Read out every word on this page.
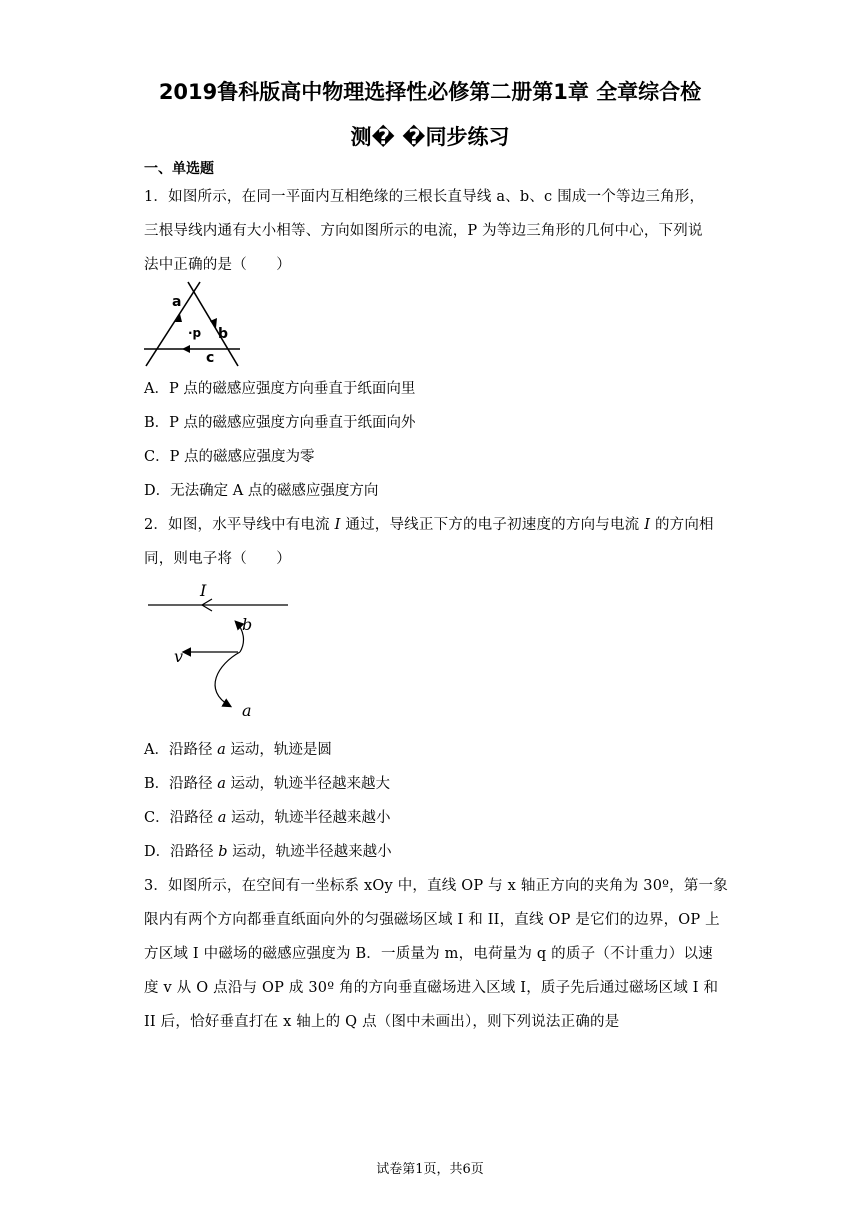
2019鲁科版高中物理选择性必修第二册第1章 全章综合检
测� �同步练习
一、单选题
1．如图所示，在同一平面内互相绝缘的三根长直导线 a、b、c 围成一个等边三角形，
三根导线内通有大小相等、方向如图所示的电流，P 为等边三角形的几何中心，下列说
法中正确的是（　　）
a
·p b
c
A．P 点的磁感应强度方向垂直于纸面向里
B．P 点的磁感应强度方向垂直于纸面向外
C．P 点的磁感应强度为零
D．无法确定 A 点的磁感应强度方向
2．如图，水平导线中有电流 I 通过，导线正下方的电子初速度的方向与电流 I 的方向相
同，则电子将（　　）
I
v
b
a
A．沿路径 a 运动，轨迹是圆
B．沿路径 a 运动，轨迹半径越来越大
C．沿路径 a 运动，轨迹半径越来越小
D．沿路径 b 运动，轨迹半径越来越小
3．如图所示，在空间有一坐标系 xOy 中，直线 OP 与 x 轴正方向的夹角为 30º，第一象
限内有两个方向都垂直纸面向外的匀强磁场区域 I 和 II，直线 OP 是它们的边界，OP 上
方区域 I 中磁场的磁感应强度为 B．一质量为 m，电荷量为 q 的质子（不计重力）以速
度 v 从 O 点沿与 OP 成 30º 角的方向垂直磁场进入区域 I，质子先后通过磁场区域 I 和
II 后，恰好垂直打在 x 轴上的 Q 点（图中未画出），则下列说法正确的是
试卷第1页，共6页
